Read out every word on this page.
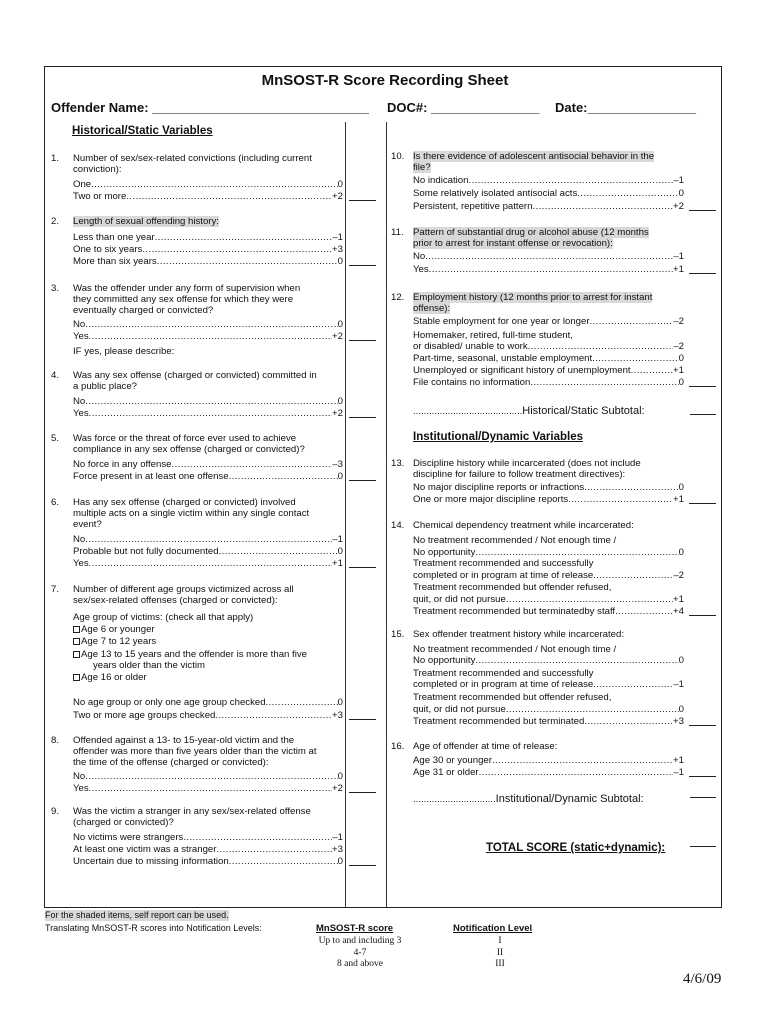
MnSOST-R Score Recording Sheet
Offender Name: ______________________________ DOC#: _______________ Date:_______________
Historical/Static Variables
Institutional/Dynamic Variables
1. Number of sex/sex-related convictions (including current
conviction):
One .....	0
Two or more .....	+2
2. Length of sexual offending history:
Less than one year .....	–1
One to six years .....	+3
More than six years .....	0
3. Was the offender under any form of supervision when
they committed any sex offense for which they were
eventually charged or convicted?
No .....	0
Yes .....	+2
IF yes, please describe:
4. Was any sex offense (charged or convicted) committed in
a public place?
No .....	0
Yes .....	+2
5. Was force or the threat of force ever used to achieve
compliance in any sex offense (charged or convicted)?
No force in any offense .....	–3
Force present in at least one offense .....	0
6. Has any sex offense (charged or convicted) involved
multiple acts on a single victim within any single contact
event?
No .....	–1
Probable but not fully documented .....	0
Yes .....	+1
7. Number of different age groups victimized across all
sex/sex-related offenses (charged or convicted):
No age group or only one age group checked .....	0
Two or more age groups checked .....	+3
Age group of victims: (check all that apply)
Age 6 or younger
Age 7 to 12 years
Age 13 to 15 years and the offender is more than five
years older than the victim
Age 16 or older
8. Offended against a 13- to 15-year-old victim and the
offender was more than five years older than the victim at
the time of the offense (charged or convicted):
No .....	0
Yes .....	+2
9. Was the victim a stranger in any sex/sex-related offense
(charged or convicted)?
No victims were strangers .....	–1
At least one victim was a stranger .....	+3
Uncertain due to missing information .....	0
10. Is there evidence of adolescent antisocial behavior in the
file?
No indication .....	–1
Some relatively isolated antisocial acts .....	0
Persistent, repetitive pattern .....	+2
11. Pattern of substantial drug or alcohol abuse (12 months
prior to arrest for instant offense or revocation):
No .....	–1
Yes .....	+1
12. Employment history (12 months prior to arrest for instant
offense):
Stable employment for one year or longer .....	–2
Homemaker, retired, full-time student,
or disabled/ unable to work .....	–2
Part-time, seasonal, unstable employment .....	0
Unemployed or significant history of unemployment .....	+1
File contains no information .....	0
13. Discipline history while incarcerated (does not include
discipline for failure to follow treatment directives):
No major discipline reports or infractions .....	0
One or more major discipline reports .....	+1
14. Chemical dependency treatment while incarcerated:
No treatment recommended / Not enough time /
No opportunity .....	0
Treatment recommended and successfully
completed or in program at time of release .....	–2
Treatment recommended but offender refused,
quit, or did not pursue .....	+1
Treatment recommended but terminatedby staff .....	+4
15. Sex offender treatment history while incarcerated:
No treatment recommended / Not enough time /
No opportunity .....	0
Treatment recommended and successfully
completed or in program at time of release .....	–1
Treatment recommended but offender refused,
quit, or did not pursue .....	0
Treatment recommended but terminated .....	+3
16. Age of offender at time of release:
Age 30 or younger .....	+1
Age 31 or older .....	–1
.........................................Historical/Static Subtotal:
...............................Institutional/Dynamic Subtotal:
TOTAL SCORE (static+dynamic):
For the shaded items, self report can be used.
Translating MnSOST-R scores into Notification Levels:	MnSOST-R score	Notification Level
Up to and including 3	I
4-7	II
8 and above	III
4/6/09
